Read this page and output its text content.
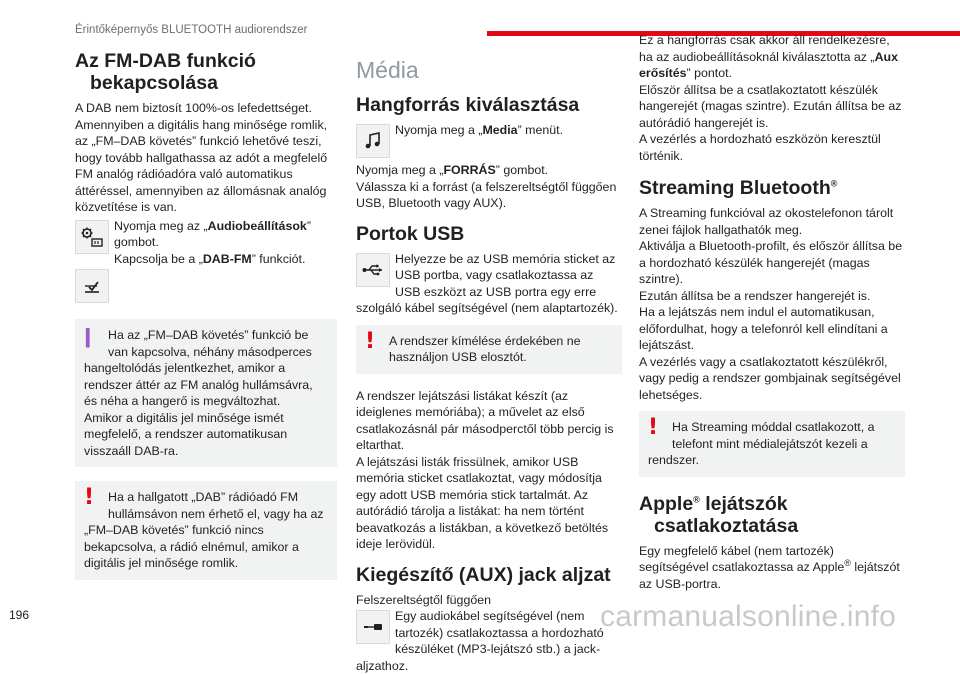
Érintőképernyős BLUETOOTH audiorendszer
Az FM-DAB funkció bekapcsolása

A DAB nem biztosít 100%-os lefedettséget. Amennyiben a digitális hang minősége romlik, az „FM–DAB követés” funkció lehetővé teszi, hogy tovább hallgathassa az adót a megfelelő FM analóg rádióadóra való automatikus áttéréssel, amennyiben az állomásnak analóg közvetítése is van.

Nyomja meg az „Audiobeállítások” gombot.

Kapcsolja be a „DAB-FM” funkciót.

ǀ	Ha az „FM–DAB követés” funkció be van kapcsolva, néhány másodperces hangeltolódás jelentkezhet, amikor a rendszer áttér az FM analóg hullámsávra, és néha a hangerő is megváltozhat.
Amikor a digitális jel minősége ismét megfelelő, a rendszer automatikusan visszaáll DAB-ra.

!	Ha a hallgatott „DAB” rádióadó FM hullámsávon nem érhető el, vagy ha az „FM–DAB követés” funkció nincs bekapcsolva, a rádió elnémul, amikor a digitális jel minősége romlik.

Média
Hangforrás kiválasztása

Nyomja meg a „Media” menüt.

Nyomja meg a „FORRÁS” gombot.
Válassza ki a forrást (a felszereltségtől függően USB, Bluetooth vagy AUX).

Portok USB

Helyezze be az USB memória sticket az USB portba, vagy csatlakoztassa az USB eszközt az USB portra egy erre szolgáló kábel segítségével (nem alaptartozék).

!	A rendszer kímélése érdekében ne használjon USB elosztót.

A rendszer lejátszási listákat készít (az ideiglenes memóriába); a művelet az első csatlakozásnál pár másodperctől több percig is eltarthat.
A lejátszási listák frissülnek, amikor USB memória sticket csatlakoztat, vagy módosítja egy adott USB memória stick tartalmát. Az autórádió tárolja a listákat: ha nem történt beavatkozás a listákban, a következő betöltés ideje lerövidül.

Kiegészítő (AUX) jack aljzat

Felszereltségtől függően

Egy audiokábel segítségével (nem tartozék) csatlakoztassa a hordozható készüléket (MP3-lejátszó stb.) a jack-aljzathoz.

Ez a hangforrás csak akkor áll rendelkezésre, ha az audiobeállításoknál kiválasztotta az „Aux erősítés” pontot.
Először állítsa be a csatlakoztatott készülék hangerejét (magas szintre). Ezután állítsa be az autórádió hangerejét is.
A vezérlés a hordozható eszközön keresztül történik.

Streaming Bluetooth®

A Streaming funkcióval az okostelefonon tárolt zenei fájlok hallgathatók meg.
Aktiválja a Bluetooth-profilt, és először állítsa be a hordozható készülék hangerejét (magas szintre).
Ezután állítsa be a rendszer hangerejét is.
Ha a lejátszás nem indul el automatikusan, előfordulhat, hogy a telefonról kell elindítani a lejátszást.
A vezérlés vagy a csatlakoztatott készülékről, vagy pedig a rendszer gombjainak segítségével lehetséges.

!	Ha Streaming móddal csatlakozott, a telefont mint médialejátszót kezeli a rendszer.

Apple® lejátszók csatlakoztatása

Egy megfelelő kábel (nem tartozék) segítségével csatlakoztassa az Apple® lejátszót az USB-portra.

196	carmanualsonline.info
